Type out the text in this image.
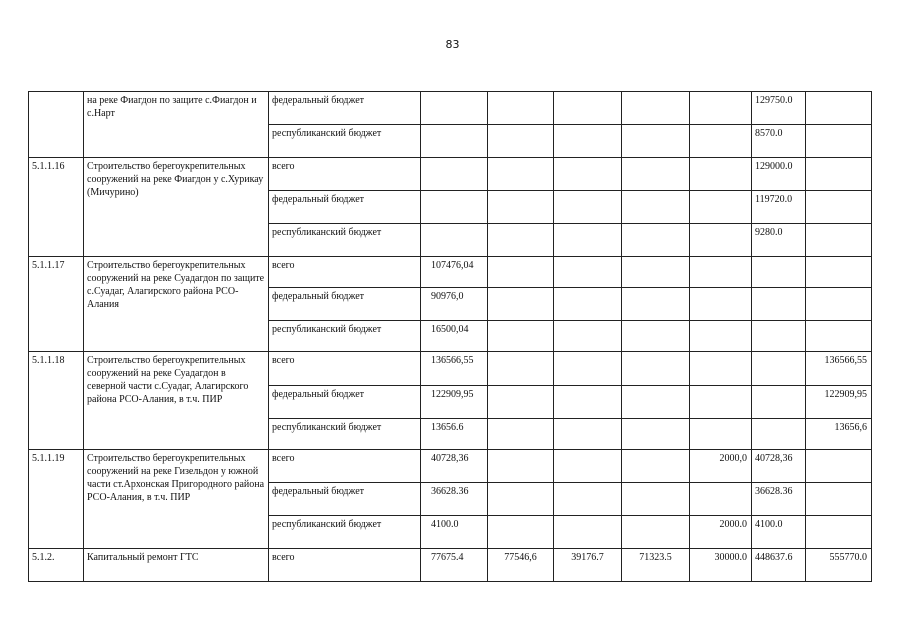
83
	на реке Фиагдон по защите с.Фиагдон и с.Нарт	федеральный бюджет						129750.0	
		республиканский бюджет						8570.0	
5.1.1.16	Строительство берегоукрепительных сооружений на реке Фиагдон у с.Хурикау (Мичурино)	всего						129000.0	
		федеральный бюджет						119720.0	
		республиканский бюджет						9280.0	
5.1.1.17	Строительство берегоукрепительных сооружений на реке Суадагдон по защите с.Суадаг, Алагирского района РСО-Алания	всего	107476,04						
		федеральный бюджет	90976,0						
		республиканский бюджет	16500,04						
5.1.1.18	Строительство берегоукрепительных сооружений на реке Суадагдон в северной части с.Суадаг, Алагирского района РСО-Алания, в т.ч. ПИР	всего	136566,55						136566,55
		федеральный бюджет	122909,95						122909,95
		республиканский бюджет	13656.6						13656,6
5.1.1.19	Строительство берегоукрепительных сооружений на реке Гизельдон у южной части ст.Архонская Пригородного района РСО-Алания, в т.ч. ПИР	всего	40728,36				2000,0	40728,36	
		федеральный бюджет	36628.36					36628.36	
		республиканский бюджет	4100.0				2000.0	4100.0	
5.1.2.	Капитальный ремонт ГТС	всего	77675.4	77546,6	39176.7	71323.5	30000.0	448637.6	555770.0
